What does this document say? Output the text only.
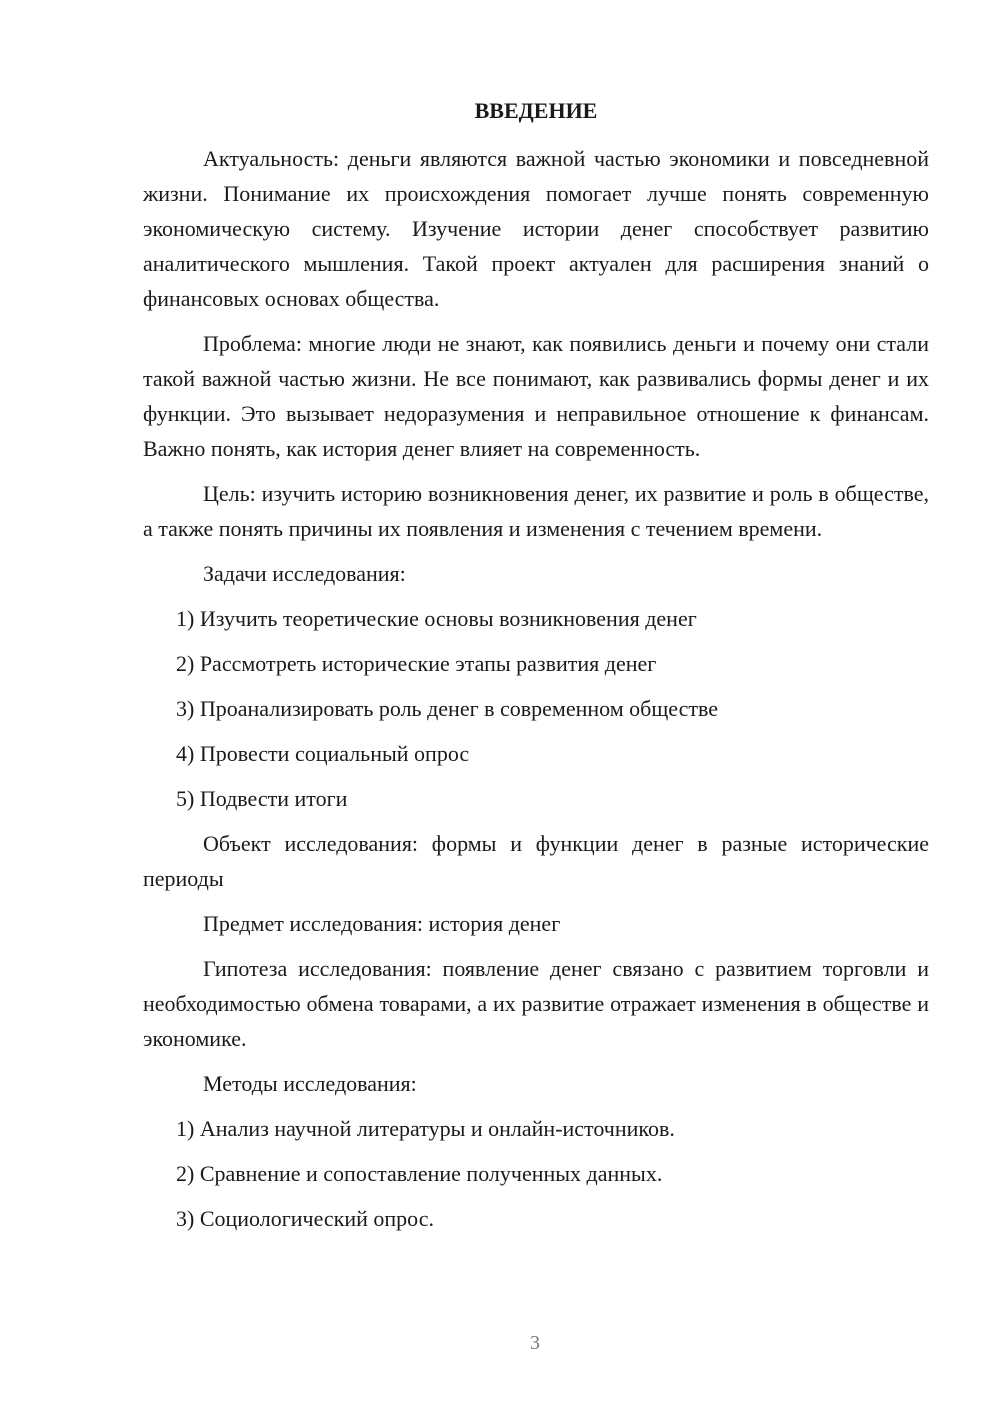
ВВЕДЕНИЕ

Актуальность: деньги являются важной частью экономики и повседневной жизни. Понимание их происхождения помогает лучше понять современную экономическую систему. Изучение истории денег способствует развитию аналитического мышления. Такой проект актуален для расширения знаний о финансовых основах общества.

Проблема: многие люди не знают, как появились деньги и почему они стали такой важной частью жизни. Не все понимают, как развивались формы денег и их функции. Это вызывает недоразумения и неправильное отношение к финансам. Важно понять, как история денег влияет на современность.

Цель: изучить историю возникновения денег, их развитие и роль в обществе, а также понять причины их появления и изменения с течением времени.

Задачи исследования:

1) Изучить теоретические основы возникновения денег

2) Рассмотреть исторические этапы развития денег

3) Проанализировать роль денег в современном обществе

4) Провести социальный опрос

5) Подвести итоги

Объект исследования: формы и функции денег в разные исторические периоды

Предмет исследования: история денег

Гипотеза исследования: появление денег связано с развитием торговли и необходимостью обмена товарами, а их развитие отражает изменения в обществе и экономике.

Методы исследования:

1) Анализ научной литературы и онлайн-источников.

2) Сравнение и сопоставление полученных данных.

3) Социологический опрос.

3
